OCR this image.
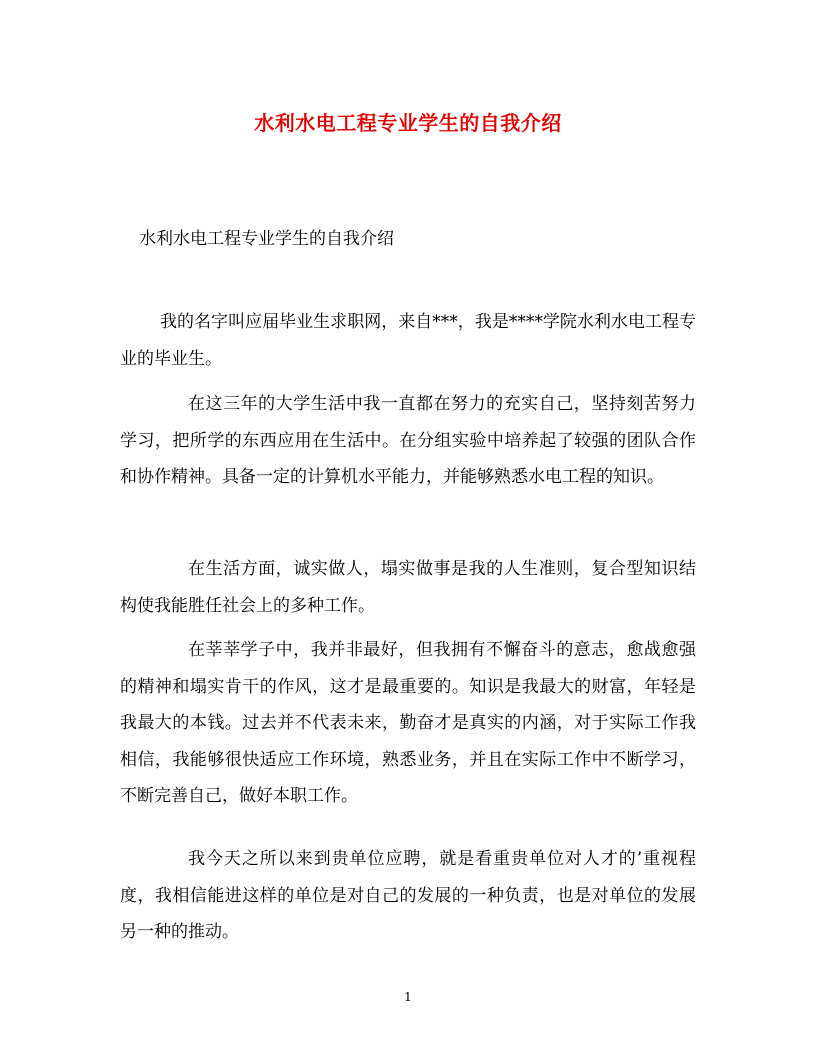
水利水电工程专业学生的自我介绍
水利水电工程专业学生的自我介绍

我的名字叫应届毕业生求职网，来自***，我是****学院水利水电工程专业的毕业生。

在这三年的大学生活中我一直都在努力的充实自己，坚持刻苦努力学习，把所学的东西应用在生活中。在分组实验中培养起了较强的团队合作和协作精神。具备一定的计算机水平能力，并能够熟悉水电工程的知识。

在生活方面，诚实做人，塌实做事是我的人生准则，复合型知识结构使我能胜任社会上的多种工作。

在莘莘学子中，我并非最好，但我拥有不懈奋斗的意志，愈战愈强的精神和塌实肯干的作风，这才是最重要的。知识是我最大的财富，年轻是我最大的本钱。过去并不代表未来，勤奋才是真实的内涵，对于实际工作我相信，我能够很快适应工作环境，熟悉业务，并且在实际工作中不断学习，不断完善自己，做好本职工作。

我今天之所以来到贵单位应聘，就是看重贵单位对人才的’重视程度，我相信能进这样的单位是对自己的发展的一种负责，也是对单位的发展另一种的推动。

1
